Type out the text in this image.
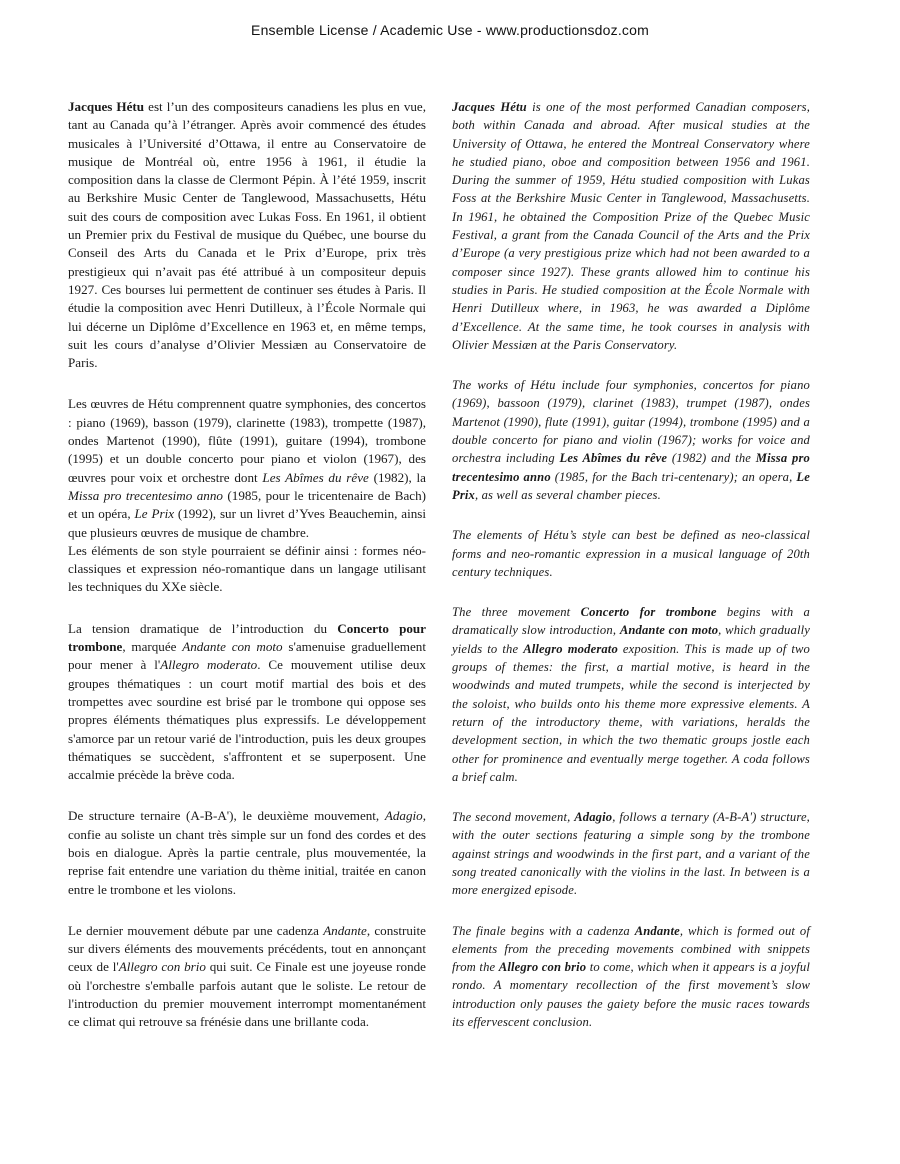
Ensemble License / Academic Use - www.productionsdoz.com

Jacques Hétu est l’un des compositeurs canadiens les plus en vue, tant au Canada qu’à l’étranger. Après avoir commencé des études musicales à l’Université d’Ottawa, il entre au Conservatoire de musique de Montréal où, entre 1956 à 1961, il étudie la composition dans la classe de Clermont Pépin. À l’été 1959, inscrit au Berkshire Music Center de Tanglewood, Massachusetts, Hétu suit des cours de composition avec Lukas Foss. En 1961, il obtient un Premier prix du Festival de musique du Québec, une bourse du Conseil des Arts du Canada et le Prix d’Europe, prix très prestigieux qui n’avait pas été attribué à un compositeur depuis 1927. Ces bourses lui permettent de continuer ses études à Paris. Il étudie la composition avec Henri Dutilleux, à l’École Normale qui lui décerne un Diplôme d’Excellence en 1963 et, en même temps, suit les cours d’analyse d’Olivier Messiæn au Conservatoire de Paris.

Les œuvres de Hétu comprennent quatre symphonies, des concertos : piano (1969), basson (1979), clarinette (1983), trompette (1987), ondes Martenot (1990), flûte (1991), guitare (1994), trombone (1995) et un double concerto pour piano et violon (1967), des œuvres pour voix et orchestre dont Les Abîmes du rêve (1982), la Missa pro trecentesimo anno (1985, pour le tricentenaire de Bach) et un opéra, Le Prix (1992), sur un livret d’Yves Beauchemin, ainsi que plusieurs œuvres de musique de chambre.

Les éléments de son style pourraient se définir ainsi : formes néo-classiques et expression néo-romantique dans un langage utilisant les techniques du XXe siècle.

La tension dramatique de l’introduction du Concerto pour trombone, marquée Andante con moto s'amenuise graduellement pour mener à l'Allegro moderato. Ce mouvement utilise deux groupes thématiques : un court motif martial des bois et des trompettes avec sourdine est brisé par le trombone qui oppose ses propres éléments thématiques plus expressifs. Le développement s'amorce par un retour varié de l'introduction, puis les deux groupes thématiques se succèdent, s'affrontent et se superposent. Une accalmie précède la brève coda.

De structure ternaire (A-B-A'), le deuxième mouvement, Adagio, confie au soliste un chant très simple sur un fond des cordes et des bois en dialogue. Après la partie centrale, plus mouvementée, la reprise fait entendre une variation du thème initial, traitée en canon entre le trombone et les violons.

Le dernier mouvement débute par une cadenza Andante, construite sur divers éléments des mouvements précédents, tout en annonçant ceux de l'Allegro con brio qui suit. Ce Finale est une joyeuse ronde où l'orchestre s'emballe parfois autant que le soliste. Le retour de l'introduction du premier mouvement interrompt momentanément ce climat qui retrouve sa frénésie dans une brillante coda.

Jacques Hétu is one of the most performed Canadian composers, both within Canada and abroad. After musical studies at the University of Ottawa, he entered the Montreal Conservatory where he studied piano, oboe and composition between 1956 and 1961. During the summer of 1959, Hétu studied composition with Lukas Foss at the Berkshire Music Center in Tanglewood, Massachusetts. In 1961, he obtained the Composition Prize of the Quebec Music Festival, a grant from the Canada Council of the Arts and the Prix d’Europe (a very prestigious prize which had not been awarded to a composer since 1927). These grants allowed him to continue his studies in Paris. He studied composition at the École Normale with Henri Dutilleux where, in 1963, he was awarded a Diplôme d’Excellence. At the same time, he took courses in analysis with Olivier Messiæn at the Paris Conservatory.

The works of Hétu include four symphonies, concertos for piano (1969), bassoon (1979), clarinet (1983), trumpet (1987), ondes Martenot (1990), flute (1991), guitar (1994), trombone (1995) and a double concerto for piano and violin (1967); works for voice and orchestra including Les Abîmes du rêve (1982) and the Missa pro trecentesimo anno (1985, for the Bach tri-centenary); an opera, Le Prix, as well as several chamber pieces.

The elements of Hétu’s style can best be defined as neo-classical forms and neo-romantic expression in a musical language of 20th century techniques.

The three movement Concerto for trombone begins with a dramatically slow introduction, Andante con moto, which gradually yields to the Allegro moderato exposition. This is made up of two groups of themes: the first, a martial motive, is heard in the woodwinds and muted trumpets, while the second is interjected by the soloist, who builds onto his theme more expressive elements. A return of the introductory theme, with variations, heralds the development section, in which the two thematic groups jostle each other for prominence and eventually merge together. A coda follows a brief calm.

The second movement, Adagio, follows a ternary (A-B-A') structure, with the outer sections featuring a simple song by the trombone against strings and woodwinds in the first part, and a variant of the song treated canonically with the violins in the last. In between is a more energized episode.

The finale begins with a cadenza Andante, which is formed out of elements from the preceding movements combined with snippets from the Allegro con brio to come, which when it appears is a joyful rondo. A momentary recollection of the first movement’s slow introduction only pauses the gaiety before the music races towards its effervescent conclusion.
